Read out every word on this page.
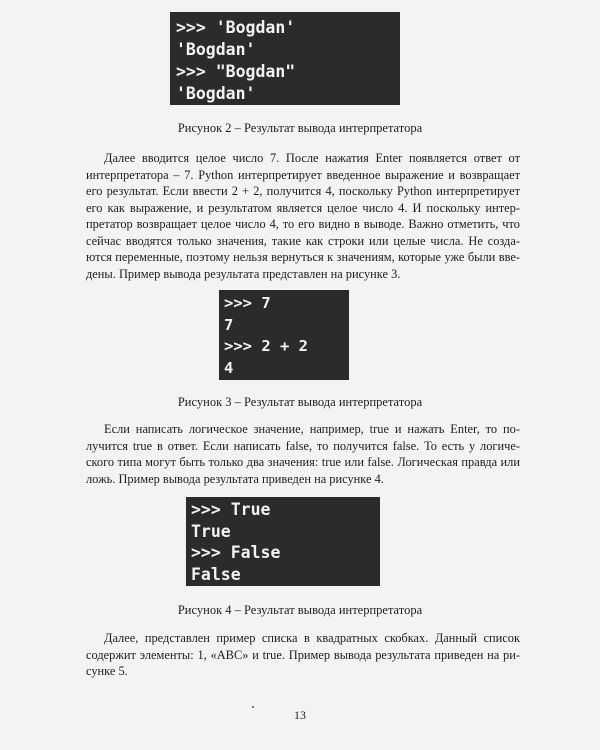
>>> 'Bogdan'
'Bogdan'
>>> "Bogdan"
'Bogdan'
Рисунок 2 – Результат вывода интерпретатора
Далее вводится целое число 7. После нажатия Enter появляется ответ от
интерпретатора – 7. Python интерпретирует введенное выражение и возвращает
его результат. Если ввести 2 + 2, получится 4, поскольку Python интерпретирует
его как выражение, и результатом является целое число 4. И поскольку интер-
претатор возвращает целое число 4, то его видно в выводе. Важно отметить, что
сейчас вводятся только значения, такие как строки или целые числа. Не созда-
ются переменные, поэтому нельзя вернуться к значениям, которые уже были вве-
дены. Пример вывода результата представлен на рисунке 3.
>>> 7
7
>>> 2 + 2
4
Рисунок 3 – Результат вывода интерпретатора
Если написать логическое значение, например, true и нажать Enter, то по-
лучится true в ответ. Если написать false, то получится false. То есть у логиче-
ского типа могут быть только два значения: true или false. Логическая правда или
ложь. Пример вывода результата приведен на рисунке 4.
>>> True
True
>>> False
False
Рисунок 4 – Результат вывода интерпретатора
Далее, представлен пример списка в квадратных скобках. Данный список
содержит элементы: 1, «ABC» и true. Пример вывода результата приведен на ри-
сунке 5.
13
